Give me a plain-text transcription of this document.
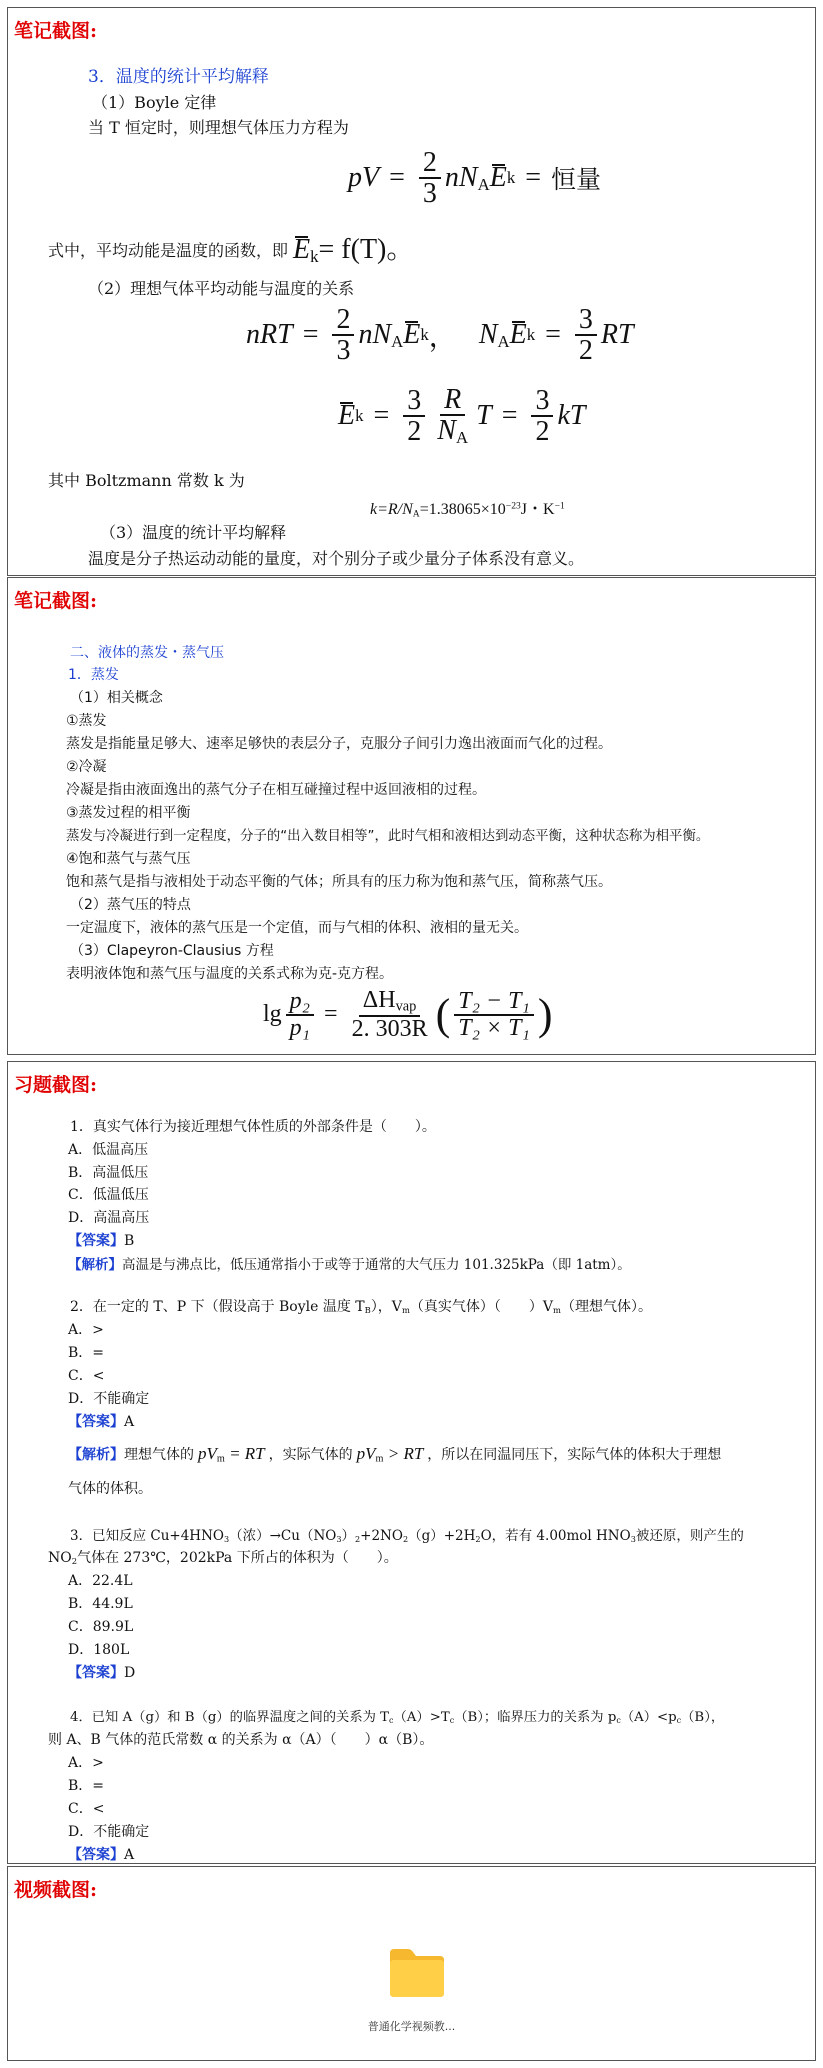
笔记截图:
3．温度的统计平均解释
（1）Boyle 定律
当 T 恒定时，则理想气体压力方程为
pV = $\frac{2}{3} nN_A$ E k = 恒量
式中，平均动能是温度的函数，即 $E_k= f(T)$。
（2）理想气体平均动能与温度的关系
nRT = $\frac{2}{3} nN_A$ E k ， $N_A$ E $k = \frac{3}{2}$ RT
E $k = \frac{3}{2} \frac{R}{N_A}$ $T = \frac{3}{2}$ kT
其中 Boltzmann 常数 k 为
$k=R/N_A=1.38065\times 10^{-23}J$・$K^{-1}$
（3）温度的统计平均解释
温度是分子热运动动能的量度，对个别分子或少量分子体系没有意义。
笔记截图:
二、液体的蒸发・蒸气压
1．蒸发
（1）相关概念
①蒸发
蒸发是指能量足够大、速率足够快的表层分子，克服分子间引力逸出液面而气化的过程。
②冷凝
冷凝是指由液面逸出的蒸气分子在相互碰撞过程中返回液相的过程。
③蒸发过程的相平衡
蒸发与冷凝进行到一定程度，分子的“出入数目相等”，此时气相和液相达到动态平衡，这种状态称为相平衡。
④饱和蒸气与蒸气压
饱和蒸气是指与液相处于动态平衡的气体；所具有的压力称为饱和蒸气压，简称蒸气压。
（2）蒸气压的特点
一定温度下，液体的蒸气压是一个定值，而与气相的体积、液相的量无关。
（3）Clapeyron-Clausius 方程
表明液体饱和蒸气压与温度的关系式称为克-克方程。
$\lg \frac{\text{p₂}}{\text{p₁}} = \frac{\Delta H_{vap}}{2. 303R}$ ( $\frac{\text{T₂ − T₁}}{\text{T₂ × T₁}}$ )
习题截图:
1．真实气体行为接近理想气体性质的外部条件是（　　）。
A．低温高压
B．高温低压
C．低温低压
D．高温高压
【答案】B
【解析】高温是与沸点比，低压通常指小于或等于通常的大气压力 101.325kPa（即 1atm）。
2．在一定的 T、P 下（假设高于 Boyle 温度 $T_B$），$V_m$（真实气体）（　　）$V_m$（理想气体）。
A．>
B．=
C．<
D．不能确定
【答案】A
【解析】理想气体的 $pV_m$ = RT ，实际气体的 $pV_m$ > RT ，所以在同温同压下，实际气体的体积大于理想
气体的体积。
3．已知反应 $Cu+4HNO_3$（浓）$\to Cu(NO_3)_2+2NO_2(g)+2H_2O$，若有 4.00mol $HNO_3$被还原，则产生的
$NO_2$气体在 273℃，202kPa 下所占的体积为（　　）。
A．22.4L
B．44.9L
C．89.9L
D．180L
【答案】D
4．已知 A（g）和 B（g）的临界温度之间的关系为 $T_c(A)>T_c(B)$；临界压力的关系为 $p_c(A)<p_c(B)$，
则 A、B 气体的范氏常数 α 的关系为 α（A）（　　）α（B）。
A．>
B．=
C．<
D．不能确定
【答案】A
视频截图:
普通化学视频教...
